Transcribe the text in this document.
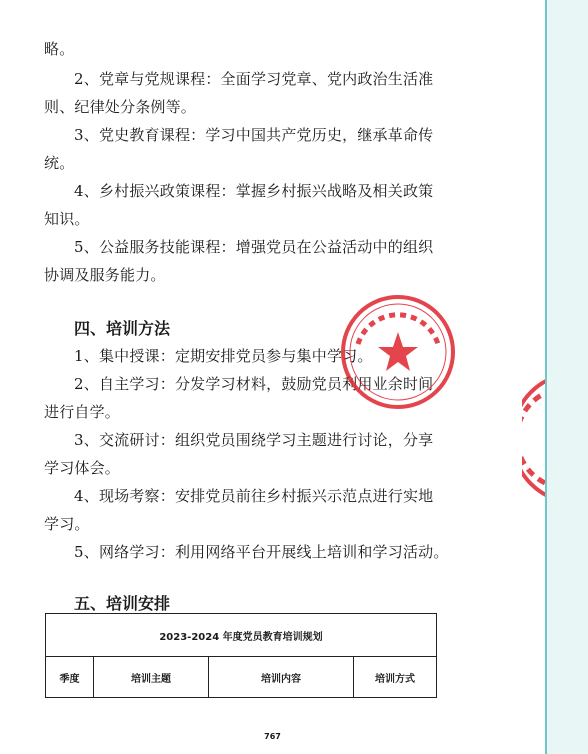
略。
2、党章与党规课程：全面学习党章、党内政治生活准
则、纪律处分条例等。
3、党史教育课程：学习中国共产党历史，继承革命传
统。
4、乡村振兴政策课程：掌握乡村振兴战略及相关政策
知识。
5、公益服务技能课程：增强党员在公益活动中的组织
协调及服务能力。
四、培训方法
1、集中授课：定期安排党员参与集中学习。
2、自主学习：分发学习材料，鼓励党员利用业余时间
进行自学。
3、交流研讨：组织党员围绕学习主题进行讨论，分享
学习体会。
4、现场考察：安排党员前往乡村振兴示范点进行实地
学习。
5、网络学习：利用网络平台开展线上培训和学习活动。
五、培训安排
2023-2024 年度党员教育培训规划
季度	培训主题	培训内容	培训方式
767
